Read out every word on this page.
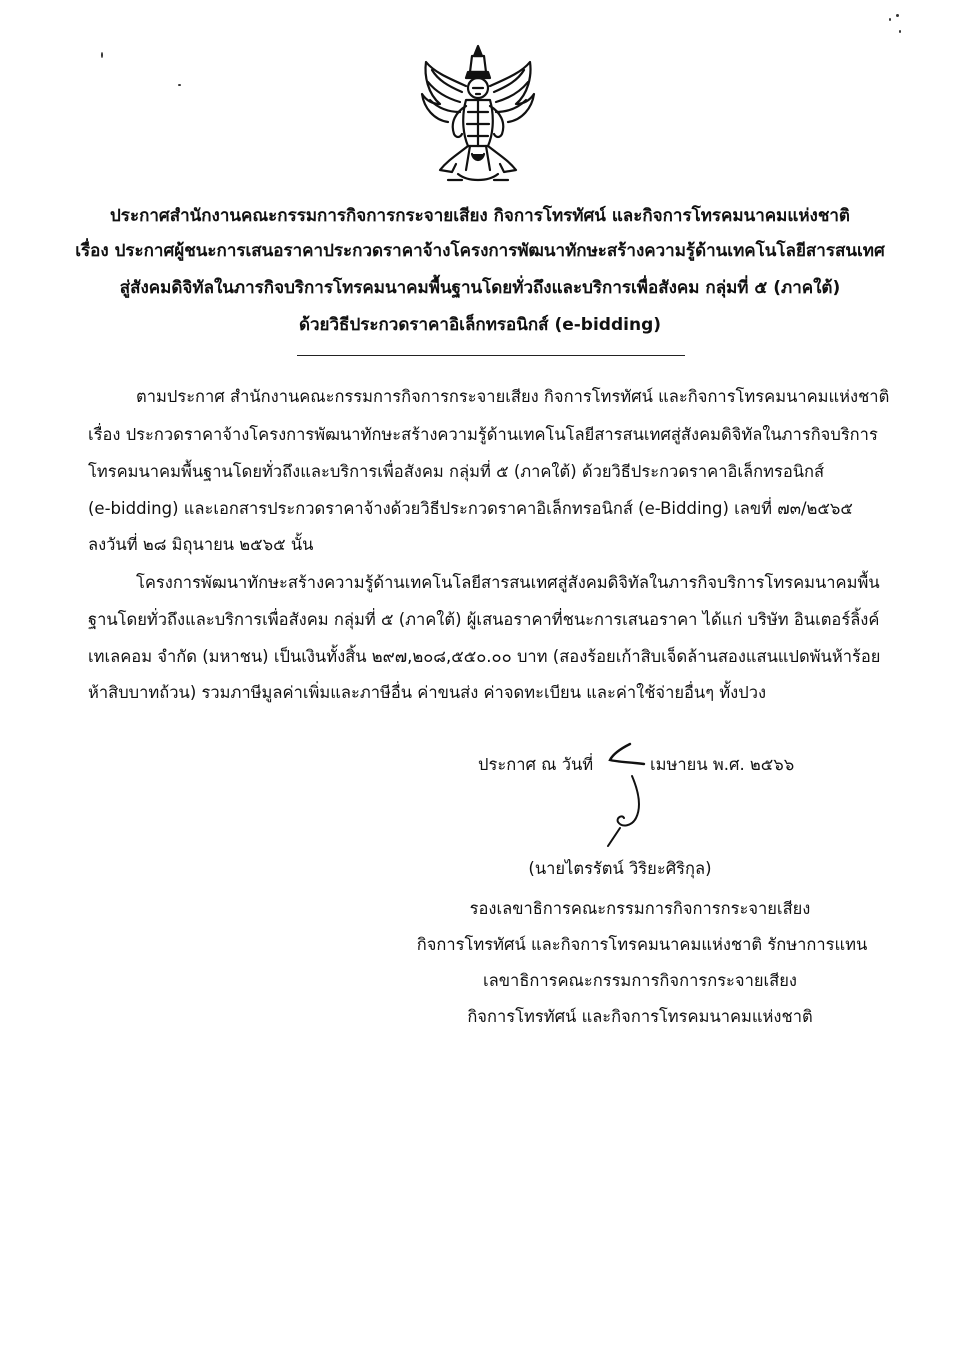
ประกาศสำนักงานคณะกรรมการกิจการกระจายเสียง กิจการโทรทัศน์ และกิจการโทรคมนาคมแห่งชาติ
เรื่อง ประกาศผู้ชนะการเสนอราคาประกวดราคาจ้างโครงการพัฒนาทักษะสร้างความรู้ด้านเทคโนโลยีสารสนเทศ
สู่สังคมดิจิทัลในภารกิจบริการโทรคมนาคมพื้นฐานโดยทั่วถึงและบริการเพื่อสังคม กลุ่มที่ ๕ (ภาคใต้)
ด้วยวิธีประกวดราคาอิเล็กทรอนิกส์ (e-bidding)
ตามประกาศ สำนักงานคณะกรรมการกิจการกระจายเสียง กิจการโทรทัศน์ และกิจการโทรคมนาคมแห่งชาติ
เรื่อง ประกวดราคาจ้างโครงการพัฒนาทักษะสร้างความรู้ด้านเทคโนโลยีสารสนเทศสู่สังคมดิจิทัลในภารกิจบริการ
โทรคมนาคมพื้นฐานโดยทั่วถึงและบริการเพื่อสังคม กลุ่มที่ ๕ (ภาคใต้) ด้วยวิธีประกวดราคาอิเล็กทรอนิกส์
(e-bidding) และเอกสารประกวดราคาจ้างด้วยวิธีประกวดราคาอิเล็กทรอนิกส์ (e-Bidding) เลขที่ ๗๓/๒๕๖๕
ลงวันที่ ๒๘ มิถุนายน ๒๕๖๕ นั้น
โครงการพัฒนาทักษะสร้างความรู้ด้านเทคโนโลยีสารสนเทศสู่สังคมดิจิทัลในภารกิจบริการโทรคมนาคมพื้น
ฐานโดยทั่วถึงและบริการเพื่อสังคม กลุ่มที่ ๕ (ภาคใต้) ผู้เสนอราคาที่ชนะการเสนอราคา ได้แก่ บริษัท อินเตอร์ลิ้งค์
เทเลคอม จำกัด (มหาชน) เป็นเงินทั้งสิ้น ๒๙๗,๒๐๘,๕๕๐.๐๐ บาท (สองร้อยเก้าสิบเจ็ดล้านสองแสนแปดพันห้าร้อย
ห้าสิบบาทถ้วน) รวมภาษีมูลค่าเพิ่มและภาษีอื่น ค่าขนส่ง ค่าจดทะเบียน และค่าใช้จ่ายอื่นๆ ทั้งปวง
ประกาศ ณ วันที่	เมษายน พ.ศ. ๒๕๖๖
(นายไตรรัตน์ วิริยะศิริกุล)
รองเลขาธิการคณะกรรมการกิจการกระจายเสียง
กิจการโทรทัศน์ และกิจการโทรคมนาคมแห่งชาติ รักษาการแทน
เลขาธิการคณะกรรมการกิจการกระจายเสียง
กิจการโทรทัศน์ และกิจการโทรคมนาคมแห่งชาติ
